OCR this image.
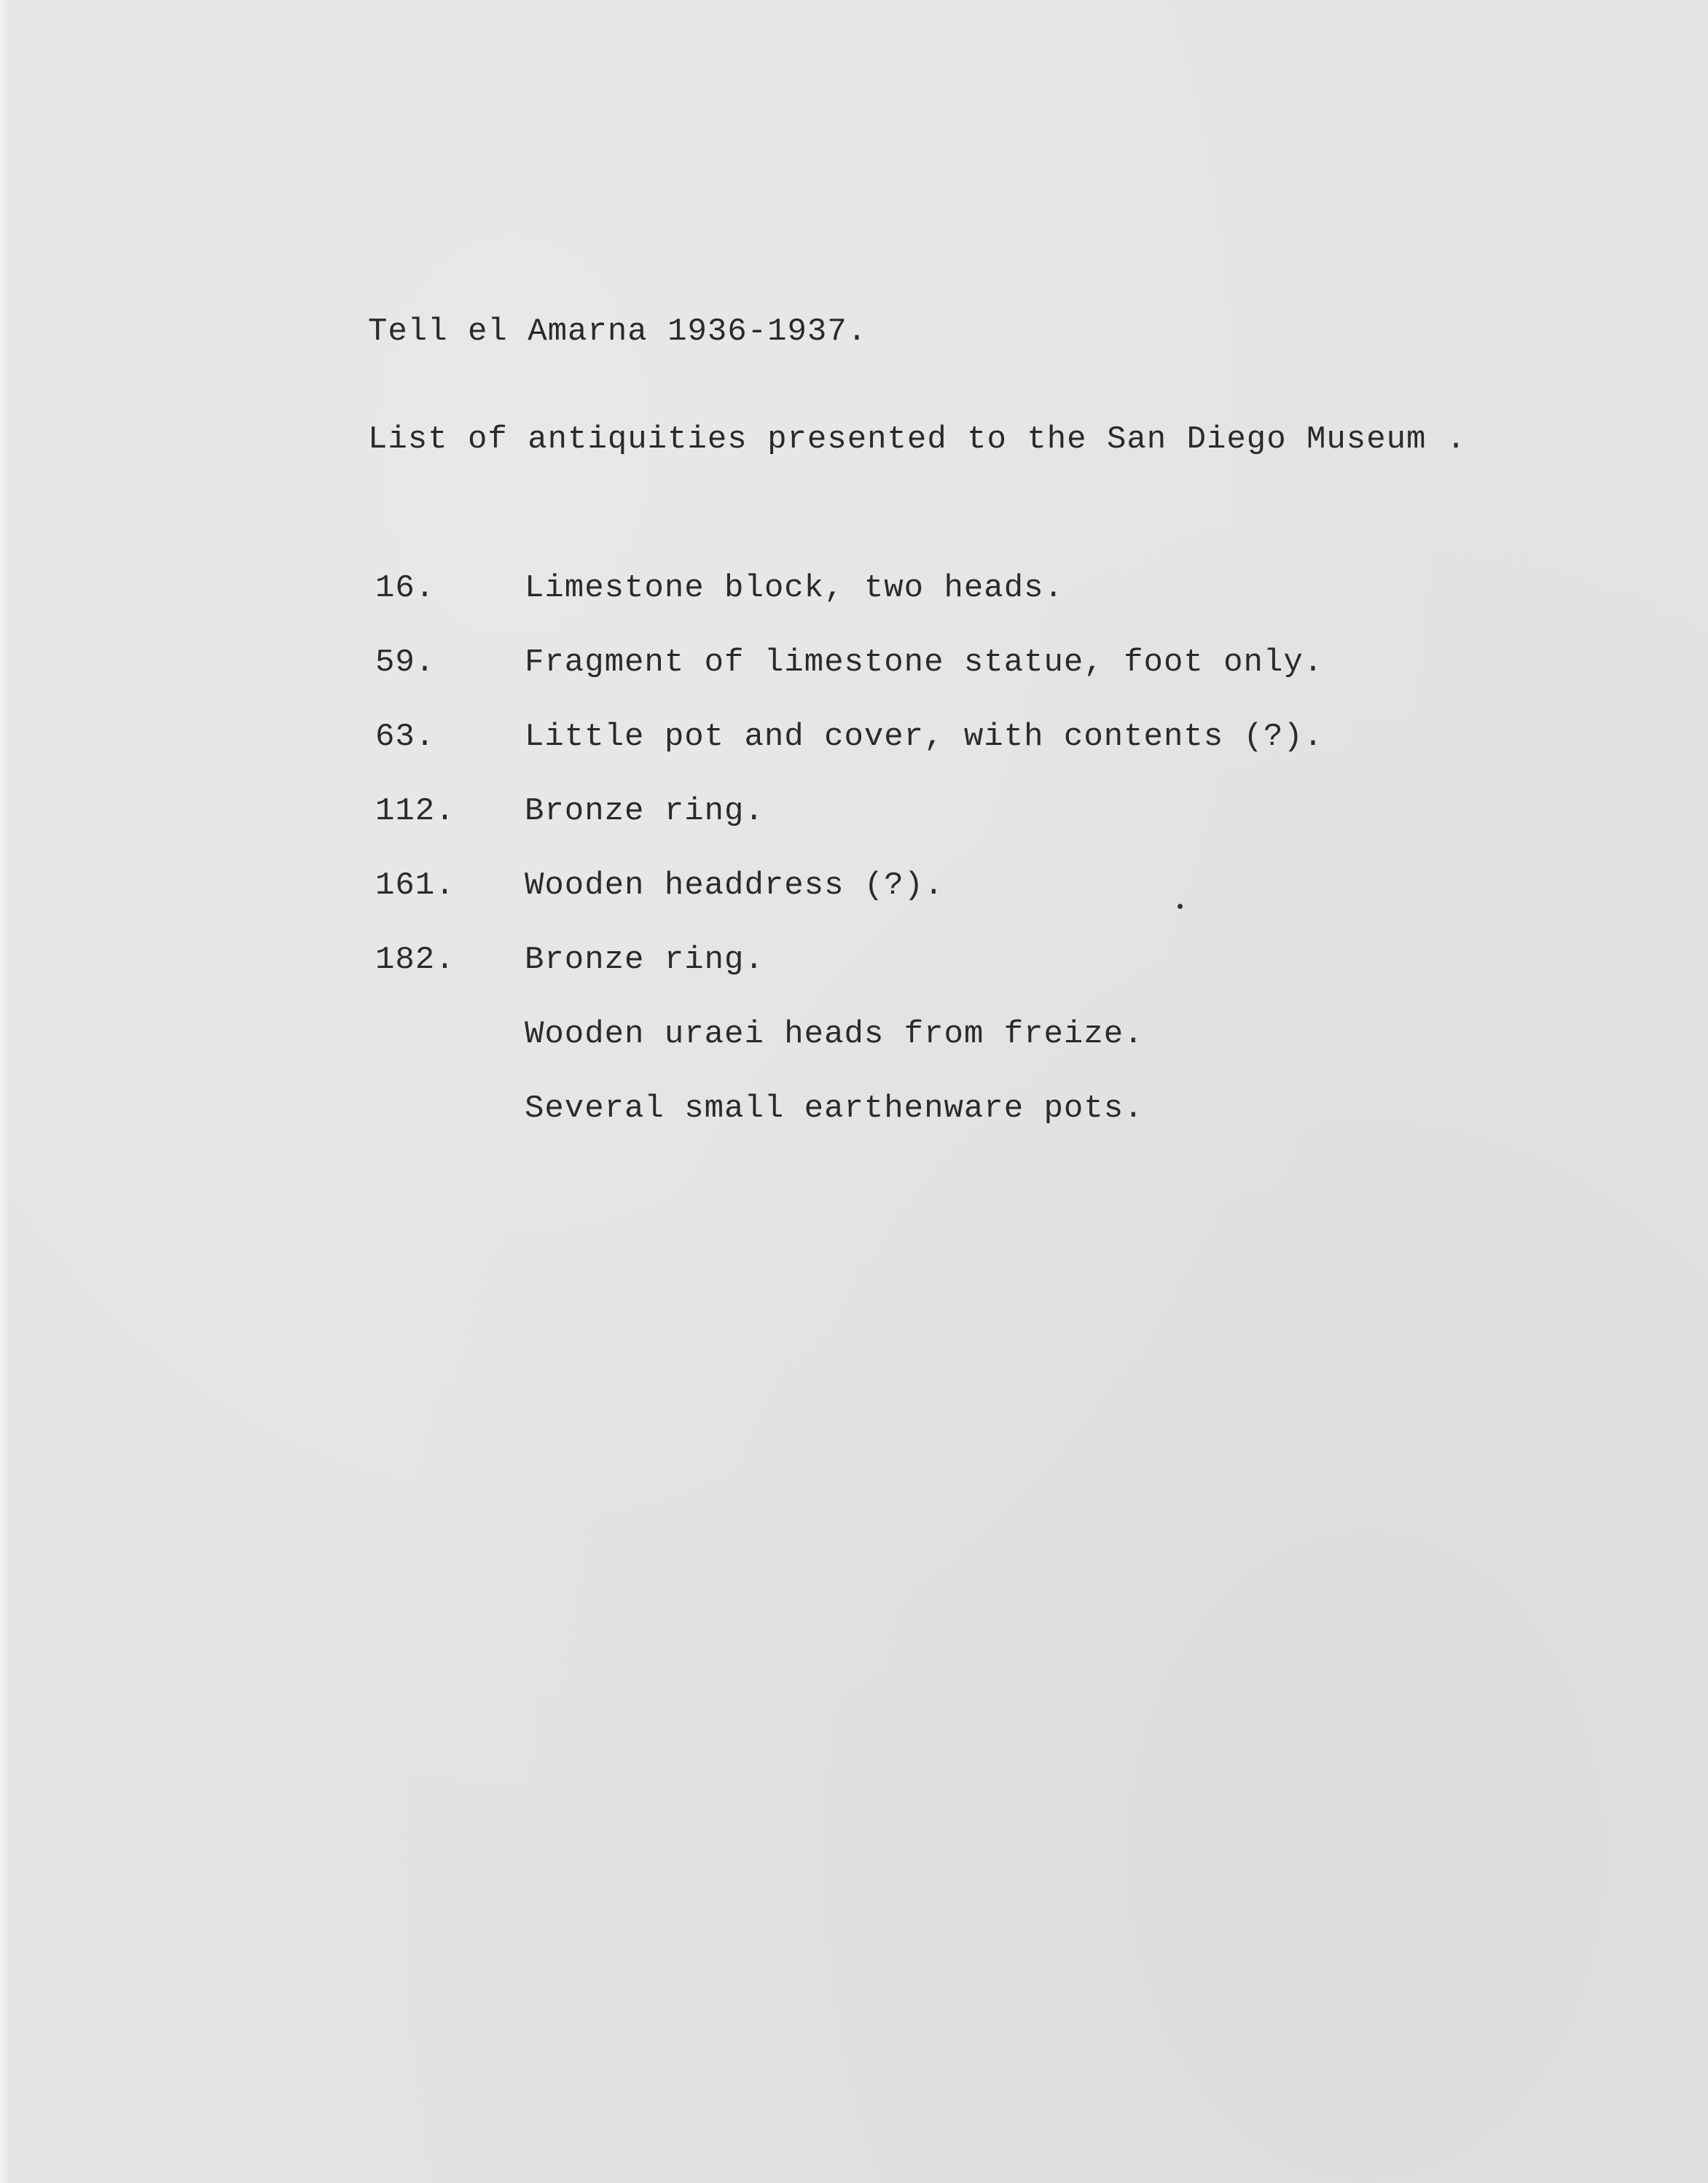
Tell el Amarna 1936-1937.
List of antiquities presented to the San Diego Museum .
16.	Limestone block, two heads.
59.	Fragment of limestone statue, foot only.
63.	Little pot and cover, with contents (?).
112. Bronze ring.
161. Wooden headdress (?).
182. Bronze ring.
Wooden uraei heads from freize.
Several small earthenware pots.
